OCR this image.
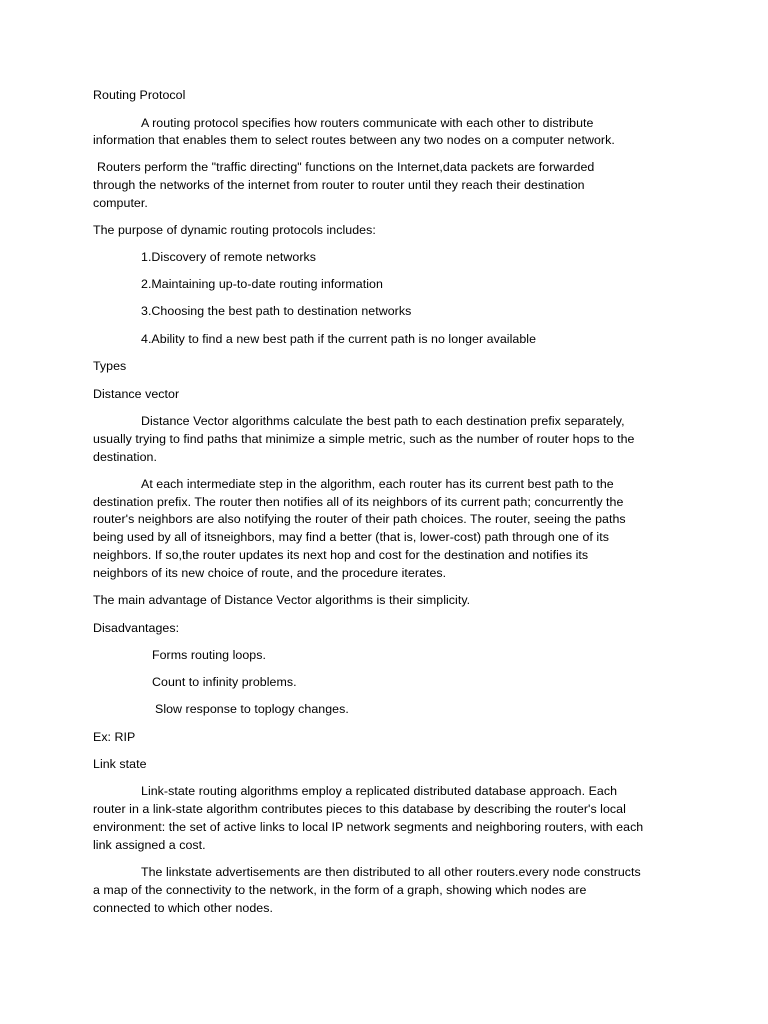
Routing Protocol

A routing protocol specifies how routers communicate with each other to distribute

information that enables them to select routes between any two nodes on a computer network.

Routers perform the "traffic directing" functions on the Internet,data packets are forwarded

through the networks of the internet from router to router until they reach their destination

computer.

The purpose of dynamic routing protocols includes:

1.Discovery of remote networks

2.Maintaining up-to-date routing information

3.Choosing the best path to destination networks

4.Ability to find a new best path if the current path is no longer available

Types

Distance vector

Distance Vector algorithms calculate the best path to each destination prefix separately,

usually trying to find paths that minimize a simple metric, such as the number of router hops to the

destination.

At each intermediate step in the algorithm, each router has its current best path to the

destination prefix. The router then notifies all of its neighbors of its current path; concurrently the

router's neighbors are also notifying the router of their path choices. The router, seeing the paths

being used by all of itsneighbors, may find a better (that is, lower-cost) path through one of its

neighbors. If so,the router updates its next hop and cost for the destination and notifies its

neighbors of its new choice of route, and the procedure iterates.

The main advantage of Distance Vector algorithms is their simplicity.

Disadvantages:

Forms routing loops.

Count to infinity problems.

Slow response to toplogy changes.

Ex: RIP

Link state

Link-state routing algorithms employ a replicated distributed database approach. Each

router in a link-state algorithm contributes pieces to this database by describing the router's local

environment: the set of active links to local IP network segments and neighboring routers, with each

link assigned a cost.

The linkstate advertisements are then distributed to all other routers.every node constructs

a map of the connectivity to the network, in the form of a graph, showing which nodes are

connected to which other nodes.
